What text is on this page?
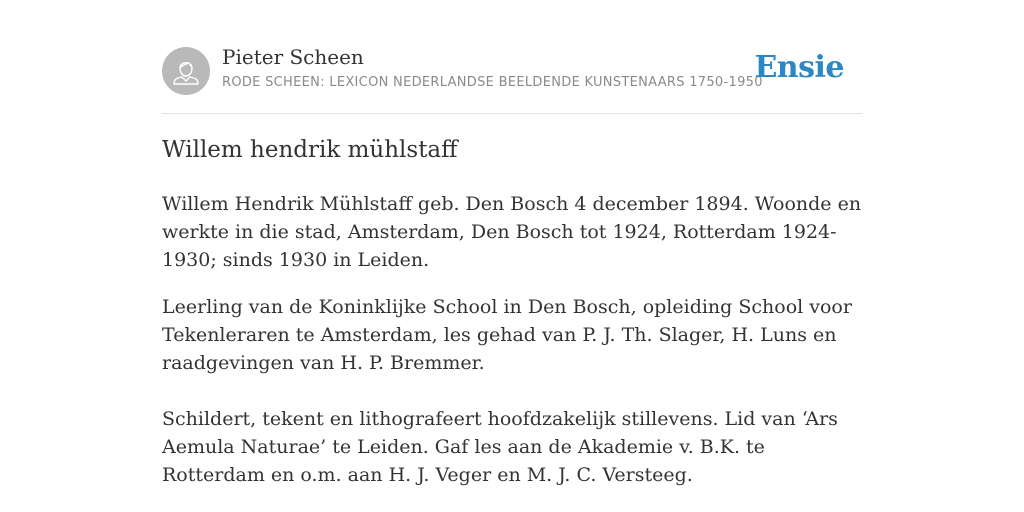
Pieter Scheen
RODE SCHEEN: LEXICON NEDERLANDSE BEELDENDE KUNSTENAARS 1750-1950
Ensie
Willem hendrik mühlstaff

Willem Hendrik Mühlstaff geb. Den Bosch 4 december 1894. Woonde en werkte in die stad, Amsterdam, Den Bosch tot 1924, Rotterdam 1924-1930; sinds 1930 in Leiden.

Leerling van de Koninklijke School in Den Bosch, opleiding School voor Tekenleraren te Amsterdam, les gehad van P. J. Th. Slager, H. Luns en raadgevingen van H. P. Bremmer.

Schildert, tekent en lithografeert hoofdzakelijk stillevens. Lid van ‘Ars Aemula Naturae’ te Leiden. Gaf les aan de Akademie v. B.K. te Rotterdam en o.m. aan H. J. Veger en M. J. C. Versteeg.
